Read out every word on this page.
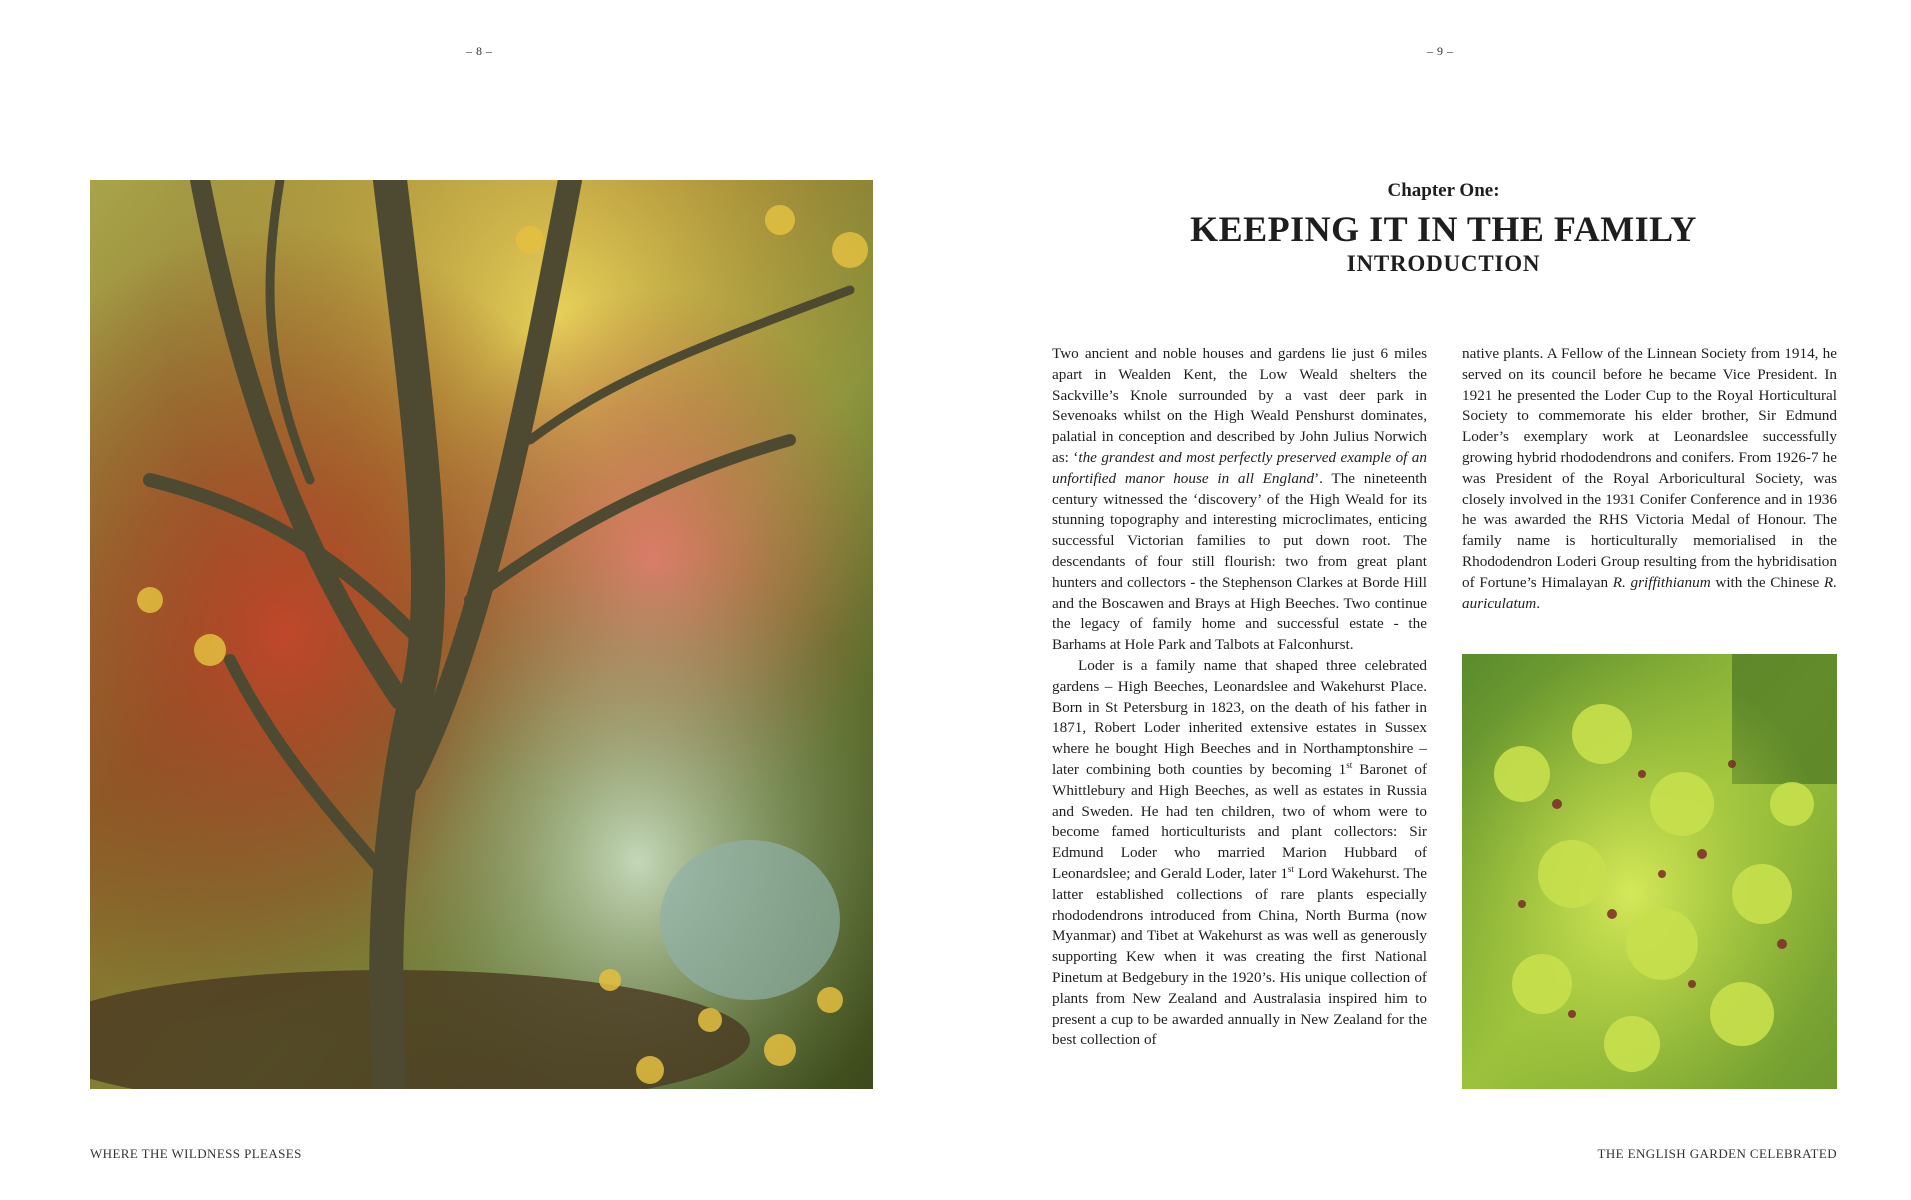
– 8 –	– 9 –
Chapter One:
KEEPING IT IN THE FAMILY
INTRODUCTION

Two ancient and noble houses and gardens lie just 6 miles apart in Wealden Kent, the Low Weald shelters the Sackville’s Knole surrounded by a vast deer park in Sevenoaks whilst on the High Weald Penshurst dominates, palatial in conception and described by John Julius Norwich as: ‘the grandest and most perfectly preserved example of an unfortified manor house in all England’. The nineteenth century witnessed the ‘discovery’ of the High Weald for its stunning topography and interesting microclimates, enticing successful Victorian families to put down root. The descendants of four still flourish: two from great plant hunters and collectors - the Stephenson Clarkes at Borde Hill and the Boscawen and Brays at High Beeches. Two continue the legacy of family home and successful estate - the Barhams at Hole Park and Talbots at Falconhurst.

Loder is a family name that shaped three celebrated gardens – High Beeches, Leonardslee and Wakehurst Place. Born in St Petersburg in 1823, on the death of his father in 1871, Robert Loder inherited extensive estates in Sussex where he bought High Beeches and in Northamptonshire – later combining both counties by becoming 1st Baronet of Whittlebury and High Beeches, as well as estates in Russia and Sweden. He had ten children, two of whom were to become famed horticulturists and plant collectors: Sir Edmund Loder who married Marion Hubbard of Leonardslee; and Gerald Loder, later 1st Lord Wakehurst. The latter established collections of rare plants especially rhododendrons introduced from China, North Burma (now Myanmar) and Tibet at Wakehurst as was well as generously supporting Kew when it was creating the first National Pinetum at Bedgebury in the 1920’s. His unique collection of plants from New Zealand and Australasia inspired him to present a cup to be awarded annually in New Zealand for the best collection of

native plants. A Fellow of the Linnean Society from 1914, he served on its council before he became Vice President. In 1921 he presented the Loder Cup to the Royal Horticultural Society to commemorate his elder brother, Sir Edmund Loder’s exemplary work at Leonardslee successfully growing hybrid rhododendrons and conifers. From 1926-7 he was President of the Royal Arboricultural Society, was closely involved in the 1931 Conifer Conference and in 1936 he was awarded the RHS Victoria Medal of Honour. The family name is horticulturally memorialised in the Rhododendron Loderi Group resulting from the hybridisation of Fortune’s Himalayan R. griffithianum with the Chinese R. auriculatum.

WHERE THE WILDNESS PLEASES	THE ENGLISH GARDEN CELEBRATED
